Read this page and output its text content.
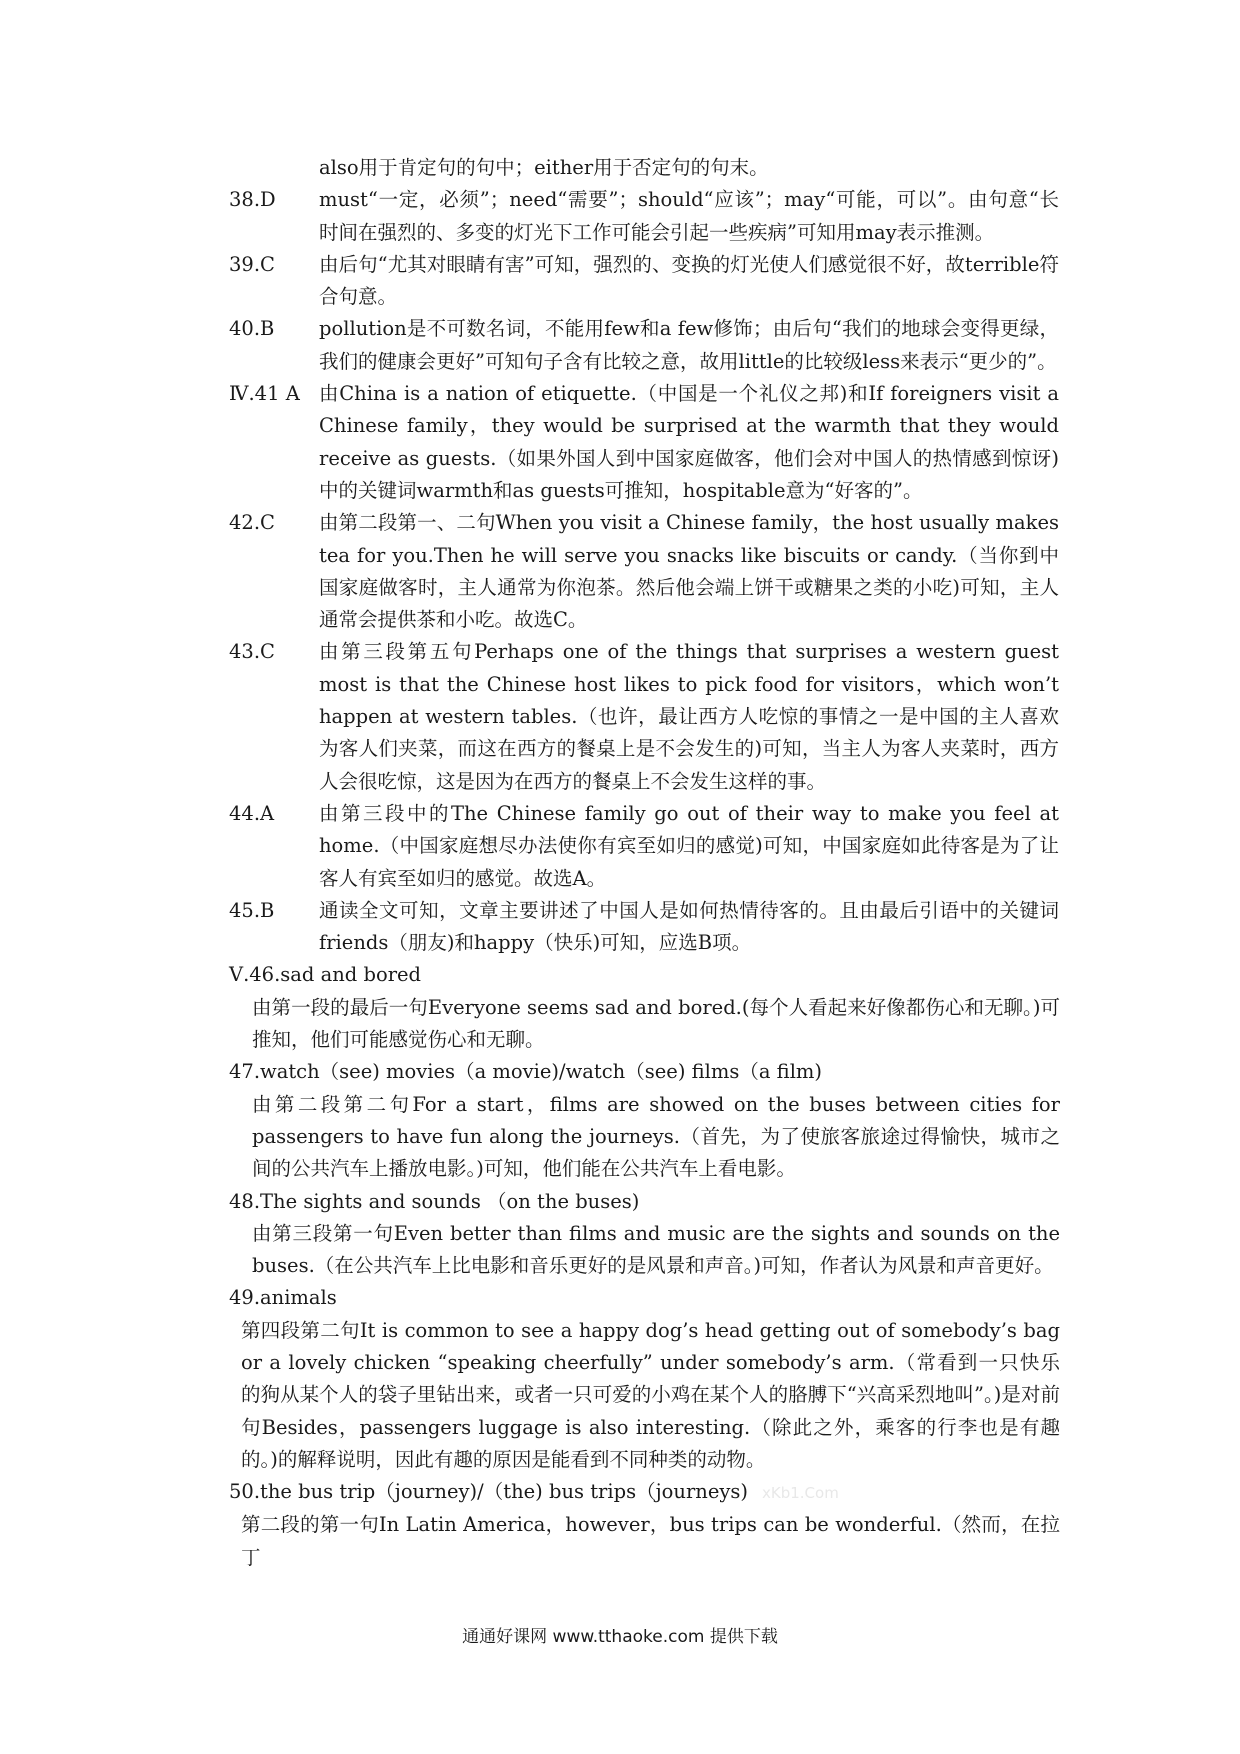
also用于肯定句的句中；either用于否定句的句末。
38.D must“一定，必须”；need“需要”；should“应该”；may“可能，可以”。由句意“长时间在强烈的、多变的灯光下工作可能会引起一些疾病”可知用may表示推测。
39.C 由后句“尤其对眼睛有害”可知，强烈的、变换的灯光使人们感觉很不好，故terrible符合句意。
40.B pollution是不可数名词，不能用few和a few修饰；由后句“我们的地球会变得更绿，我们的健康会更好”可知句子含有比较之意，故用little的比较级less来表示“更少的”。
Ⅳ.41 A 由China is a nation of etiquette.（中国是一个礼仪之邦)和If foreigners visit a Chinese family，they would be surprised at the warmth that they would receive as guests.（如果外国人到中国家庭做客，他们会对中国人的热情感到惊讶)中的关键词warmth和as guests可推知，hospitable意为“好客的”。
42.C 由第二段第一、二句When you visit a Chinese family，the host usually makes tea for you.Then he will serve you snacks like biscuits or candy.（当你到中国家庭做客时，主人通常为你泡茶。然后他会端上饼干或糖果之类的小吃)可知，主人通常会提供茶和小吃。故选C。
43.C 由第三段第五句Perhaps one of the things that surprises a western guest most is that the Chinese host likes to pick food for visitors，which won’t happen at western tables.（也许，最让西方人吃惊的事情之一是中国的主人喜欢为客人们夹菜，而这在西方的餐桌上是不会发生的)可知，当主人为客人夹菜时，西方人会很吃惊，这是因为在西方的餐桌上不会发生这样的事。
44.A 由第三段中的The Chinese family go out of their way to make you feel at home.（中国家庭想尽办法使你有宾至如归的感觉)可知，中国家庭如此待客是为了让客人有宾至如归的感觉。故选A。
45.B 通读全文可知，文章主要讲述了中国人是如何热情待客的。且由最后引语中的关键词friends（朋友)和happy（快乐)可知，应选B项。
Ⅴ.46.sad and bored
由第一段的最后一句Everyone seems sad and bored.(每个人看起来好像都伤心和无聊。)可推知，他们可能感觉伤心和无聊。
47.watch（see) movies（a movie)/watch（see) films（a film)
由第二段第二句For a start，films are showed on the buses between cities for passengers to have fun along the journeys.（首先，为了使旅客旅途过得愉快，城市之间的公共汽车上播放电影。)可知，他们能在公共汽车上看电影。
48.The sights and sounds （on the buses)
由第三段第一句Even better than films and music are the sights and sounds on the buses.（在公共汽车上比电影和音乐更好的是风景和声音。)可知，作者认为风景和声音更好。
49.animals
第四段第二句It is common to see a happy dog’s head getting out of somebody’s bag or a lovely chicken “speaking cheerfully” under somebody’s arm.（常看到一只快乐的狗从某个人的袋子里钻出来，或者一只可爱的小鸡在某个人的胳膊下“兴高采烈地叫”。)是对前句Besides，passengers luggage is also interesting.（除此之外，乘客的行李也是有趣的。)的解释说明，因此有趣的原因是能看到不同种类的动物。
50.the bus trip（journey)/（the) bus trips（journeys) xKb1.Com
第二段的第一句In Latin America，however，bus trips can be wonderful.（然而，在拉丁
通通好课网 www.tthaoke.com 提供下载
